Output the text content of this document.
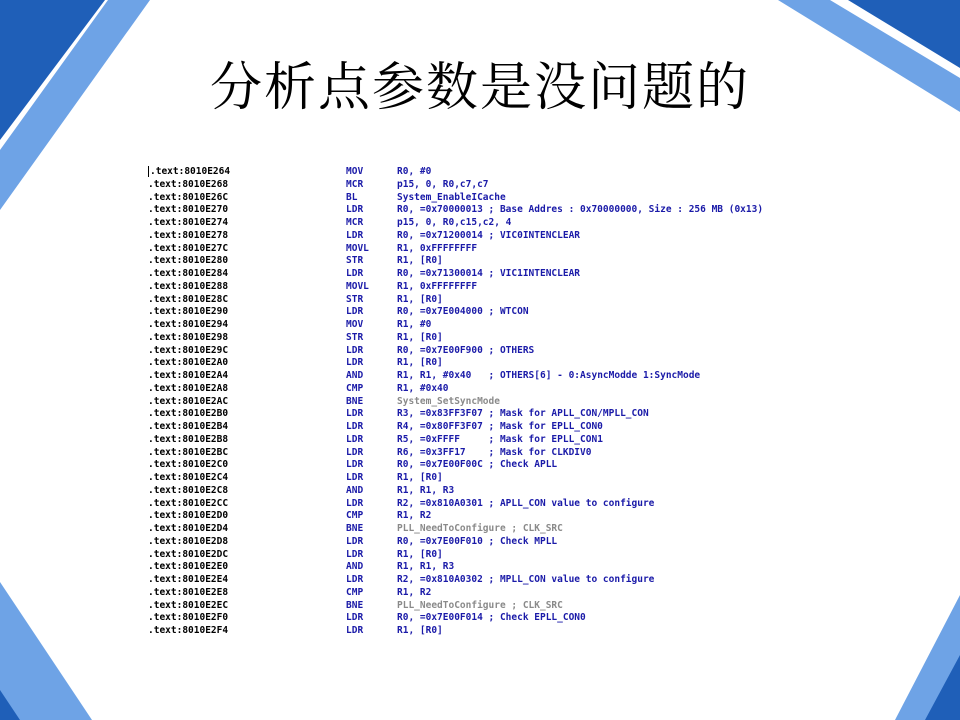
分析点参数是没问题的
.text:8010E264	MOV	R0, #0
.text:8010E268	MCR	p15, 0, R0,c7,c7
.text:8010E26C	BL	System_EnableICache
.text:8010E270	LDR	R0, =0x70000013 ; Base Addres : 0x70000000, Size : 256 MB (0x13)
.text:8010E274	MCR	p15, 0, R0,c15,c2, 4
.text:8010E278	LDR	R0, =0x71200014 ; VIC0INTENCLEAR
.text:8010E27C	MOVL	R1, 0xFFFFFFFF
.text:8010E280	STR	R1, [R0]
.text:8010E284	LDR	R0, =0x71300014 ; VIC1INTENCLEAR
.text:8010E288	MOVL	R1, 0xFFFFFFFF
.text:8010E28C	STR	R1, [R0]
.text:8010E290	LDR	R0, =0x7E004000 ; WTCON
.text:8010E294	MOV	R1, #0
.text:8010E298	STR	R1, [R0]
.text:8010E29C	LDR	R0, =0x7E00F900 ; OTHERS
.text:8010E2A0	LDR	R1, [R0]
.text:8010E2A4	AND	R1, R1, #0x40 ; OTHERS[6] - 0:AsyncModde 1:SyncMode
.text:8010E2A8	CMP	R1, #0x40
.text:8010E2AC	BNE	System_SetSyncMode
.text:8010E2B0	LDR	R3, =0x83FF3F07 ; Mask for APLL_CON/MPLL_CON
.text:8010E2B4	LDR	R4, =0x80FF3F07 ; Mask for EPLL_CON0
.text:8010E2B8	LDR	R5, =0xFFFF ; Mask for EPLL_CON1
.text:8010E2BC	LDR	R6, =0x3FF17 ; Mask for CLKDIV0
.text:8010E2C0	LDR	R0, =0x7E00F00C ; Check APLL
.text:8010E2C4	LDR	R1, [R0]
.text:8010E2C8	AND	R1, R1, R3
.text:8010E2CC	LDR	R2, =0x810A0301 ; APLL_CON value to configure
.text:8010E2D0	CMP	R1, R2
.text:8010E2D4	BNE	PLL_NeedToConfigure ; CLK_SRC
.text:8010E2D8	LDR	R0, =0x7E00F010 ; Check MPLL
.text:8010E2DC	LDR	R1, [R0]
.text:8010E2E0	AND	R1, R1, R3
.text:8010E2E4	LDR	R2, =0x810A0302 ; MPLL_CON value to configure
.text:8010E2E8	CMP	R1, R2
.text:8010E2EC	BNE	PLL_NeedToConfigure ; CLK_SRC
.text:8010E2F0	LDR	R0, =0x7E00F014 ; Check EPLL_CON0
.text:8010E2F4	LDR	R1, [R0]
